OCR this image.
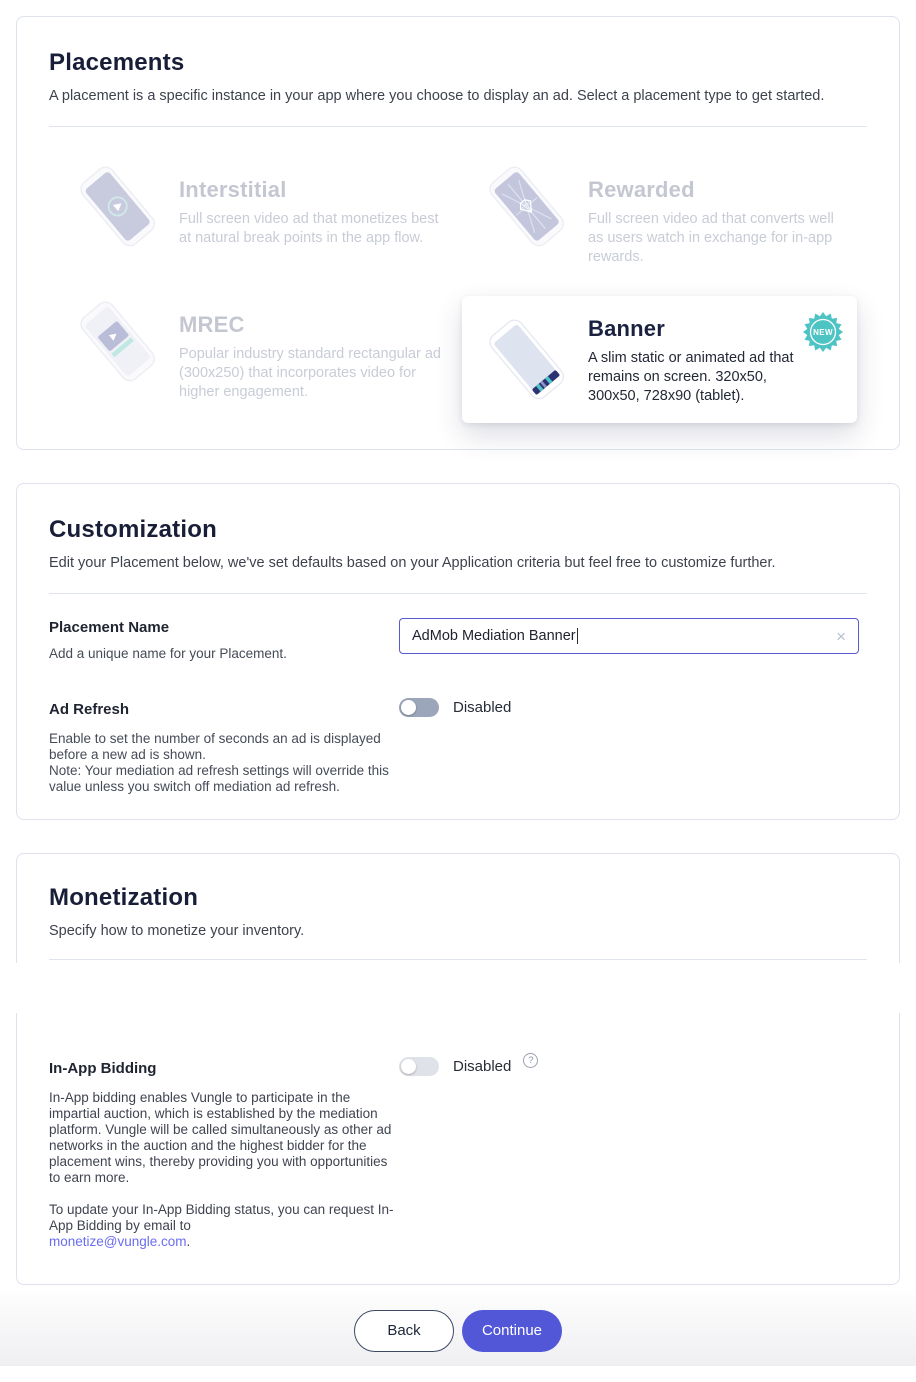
Placements

A placement is a specific instance in your app where you choose to display an ad. Select a placement type to get started.

Interstitial
Full screen video ad that monetizes best at natural break points in the app flow.
Rewarded
Full screen video ad that converts well as users watch in exchange for in-app rewards.
MREC
Popular industry standard rectangular ad (300x250) that incorporates video for higher engagement.
Banner
A slim static or animated ad that remains on screen. 320x50, 300x50, 728x90 (tablet).
NEW
Customization

Edit your Placement below, we've set defaults based on your Application criteria but feel free to customize further.

Placement Name
Add a unique name for your Placement.
AdMob Mediation Banner	×
Ad Refresh
Enable to set the number of seconds an ad is displayed before a new ad is shown.
Note: Your mediation ad refresh settings will override this value unless you switch off mediation ad refresh.
Disabled
Monetization

Specify how to monetize your inventory.

In-App Bidding

In-App bidding enables Vungle to participate in the impartial auction, which is established by the mediation platform. Vungle will be called simultaneously as other ad networks in the auction and the highest bidder for the placement wins, thereby providing you with opportunities to earn more.

To update your In-App Bidding status, you can request In-App Bidding by email to

monetize@vungle.com.

Disabled	?
Back	Continue
